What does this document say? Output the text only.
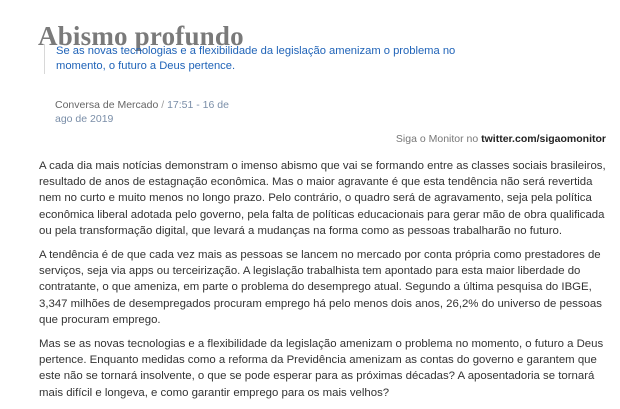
Abismo profundo
Se as novas tecnologias e a flexibilidade da legislação amenizam o problema no momento, o futuro a Deus pertence.
Conversa de Mercado / 17:51 - 16 de ago de 2019
Siga o Monitor no twitter.com/sigaomonitor

A cada dia mais notícias demonstram o imenso abismo que vai se formando entre as classes sociais brasileiros, resultado de anos de estagnação econômica. Mas o maior agravante é que esta tendência não será revertida nem no curto e muito menos no longo prazo. Pelo contrário, o quadro será de agravamento, seja pela política econômica liberal adotada pelo governo, pela falta de políticas educacionais para gerar mão de obra qualificada ou pela transformação digital, que levará a mudanças na forma como as pessoas trabalharão no futuro.

A tendência é de que cada vez mais as pessoas se lancem no mercado por conta própria como prestadores de serviços, seja via apps ou terceirização. A legislação trabalhista tem apontado para esta maior liberdade do contratante, o que ameniza, em parte o problema do desemprego atual. Segundo a última pesquisa do IBGE, 3,347 milhões de desempregados procuram emprego há pelo menos dois anos, 26,2% do universo de pessoas que procuram emprego.

Mas se as novas tecnologias e a flexibilidade da legislação amenizam o problema no momento, o futuro a Deus pertence. Enquanto medidas como a reforma da Previdência amenizam as contas do governo e garantem que este não se tornará insolvente, o que se pode esperar para as próximas décadas? A aposentadoria se tornará mais difícil e longeva, e como garantir emprego para os mais velhos?
